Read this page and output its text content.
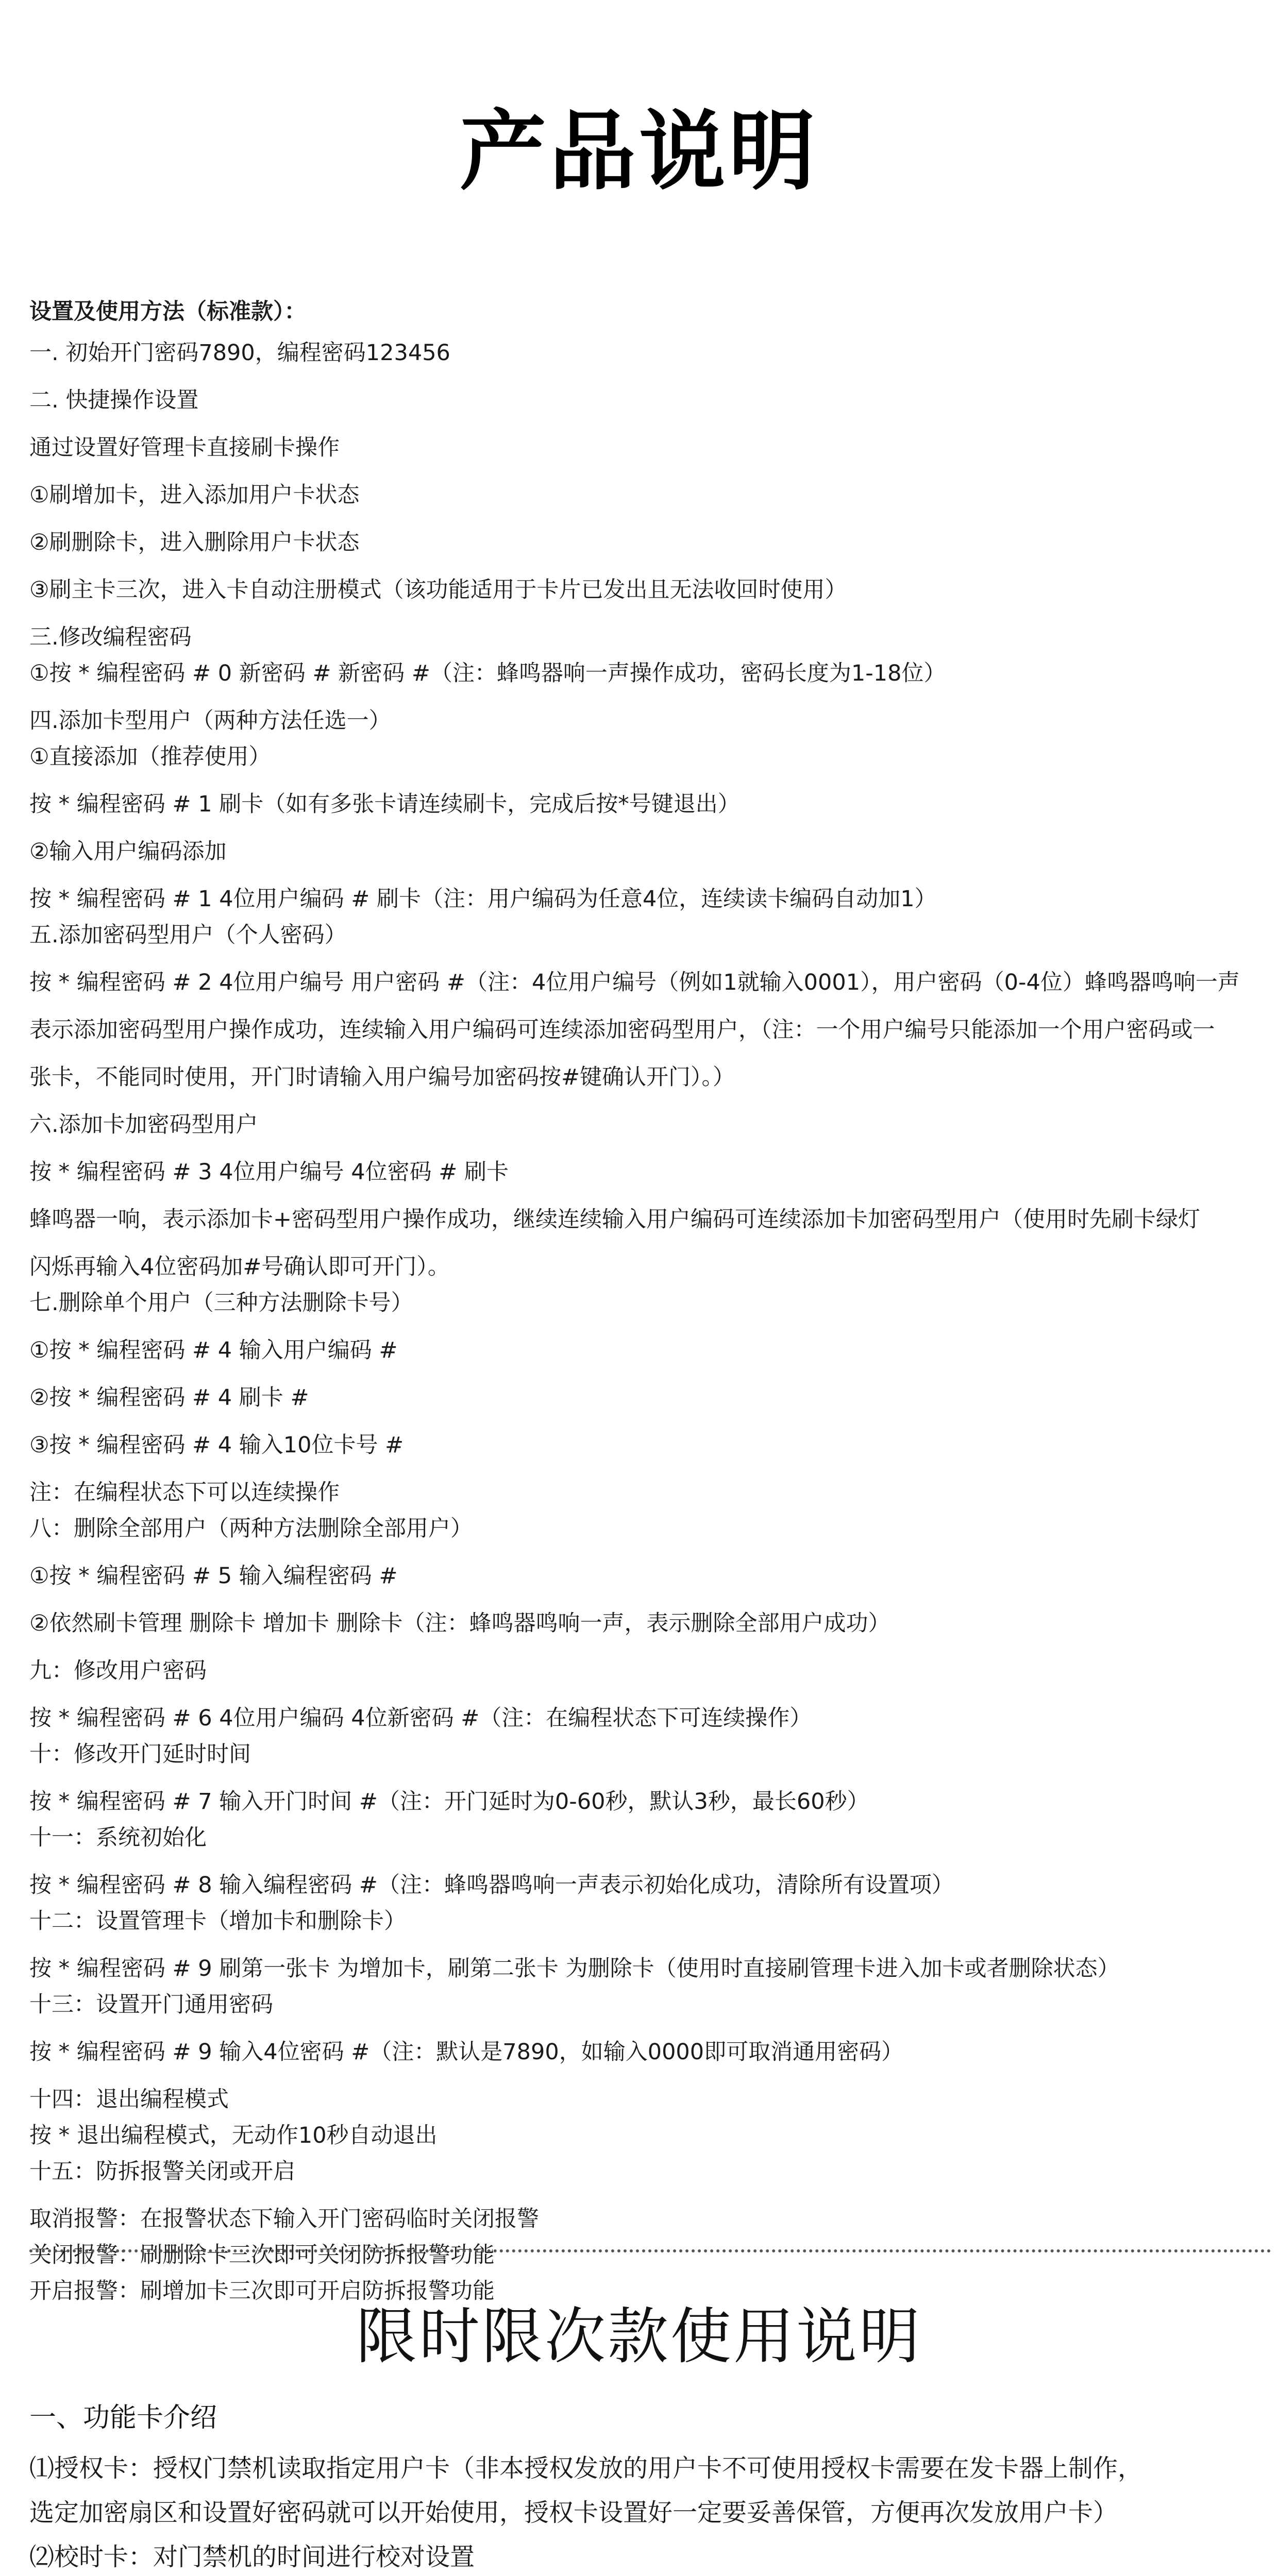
产品说明
设置及使用方法（标准款）：
一. 初始开门密码7890，编程密码123456
二. 快捷操作设置
通过设置好管理卡直接刷卡操作
①刷增加卡，进入添加用户卡状态
②刷删除卡，进入删除用户卡状态
③刷主卡三次，进入卡自动注册模式（该功能适用于卡片已发出且无法收回时使用）
三.修改编程密码
①按 * 编程密码 # 0 新密码 # 新密码 #（注：蜂鸣器响一声操作成功，密码长度为1-18位）
四.添加卡型用户（两种方法任选一）
①直接添加（推荐使用）
按 * 编程密码 # 1 刷卡（如有多张卡请连续刷卡，完成后按*号键退出）
②输入用户编码添加
按 * 编程密码 # 1 4位用户编码 # 刷卡（注：用户编码为任意4位，连续读卡编码自动加1）
五.添加密码型用户（个人密码）
按 * 编程密码 # 2 4位用户编号 用户密码 #（注：4位用户编号（例如1就输入0001），用户密码（0-4位）蜂鸣器鸣响一声
表示添加密码型用户操作成功，连续输入用户编码可连续添加密码型用户，（注：一个用户编号只能添加一个用户密码或一
张卡，不能同时使用，开门时请输入用户编号加密码按#键确认开门）。）
六.添加卡加密码型用户
按 * 编程密码 # 3 4位用户编号 4位密码 # 刷卡
蜂鸣器一响，表示添加卡+密码型用户操作成功，继续连续输入用户编码可连续添加卡加密码型用户（使用时先刷卡绿灯
闪烁再输入4位密码加#号确认即可开门）。
七.删除单个用户（三种方法删除卡号）
①按 * 编程密码 # 4 输入用户编码 #
②按 * 编程密码 # 4 刷卡 #
③按 * 编程密码 # 4 输入10位卡号 #
注：在编程状态下可以连续操作
八：删除全部用户（两种方法删除全部用户）
①按 * 编程密码 # 5 输入编程密码 #
②依然刷卡管理 删除卡 增加卡 删除卡（注：蜂鸣器鸣响一声，表示删除全部用户成功）
九：修改用户密码
按 * 编程密码 # 6 4位用户编码 4位新密码 #（注：在编程状态下可连续操作）
十：修改开门延时时间
按 * 编程密码 # 7 输入开门时间 #（注：开门延时为0-60秒，默认3秒，最长60秒）
十一：系统初始化
按 * 编程密码 # 8 输入编程密码 #（注：蜂鸣器鸣响一声表示初始化成功，清除所有设置项）
十二：设置管理卡（增加卡和删除卡）
按 * 编程密码 # 9 刷第一张卡 为增加卡，刷第二张卡 为删除卡（使用时直接刷管理卡进入加卡或者删除状态）
十三：设置开门通用密码
按 * 编程密码 # 9 输入4位密码 #（注：默认是7890，如输入0000即可取消通用密码）
十四：退出编程模式
按 * 退出编程模式，无动作10秒自动退出
十五：防拆报警关闭或开启
取消报警：在报警状态下输入开门密码临时关闭报警
关闭报警：刷删除卡三次即可关闭防拆报警功能
开启报警：刷增加卡三次即可开启防拆报警功能
限时限次款使用说明
一、功能卡介绍
⑴授权卡：授权门禁机读取指定用户卡（非本授权发放的用户卡不可使用授权卡需要在发卡器上制作，
选定加密扇区和设置好密码就可以开始使用，授权卡设置好一定要妥善保管，方便再次发放用户卡）
⑵校时卡：对门禁机的时间进行校对设置
